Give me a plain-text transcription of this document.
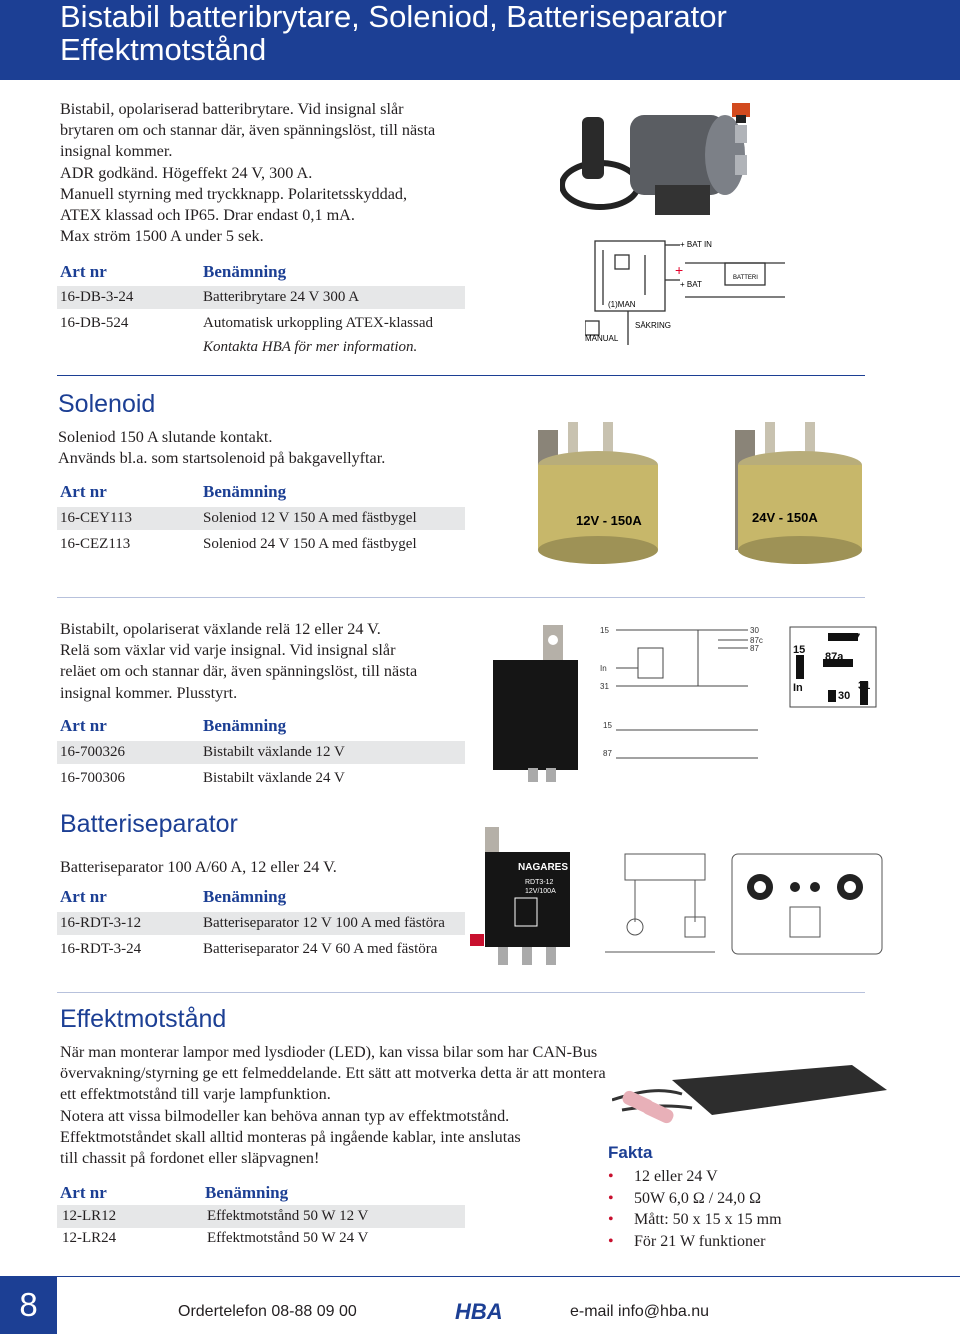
Bistabil batteribrytare, Soleniod, Batteriseparator
Effektmotstånd
Bistabil, opolariserad batteribrytare. Vid insignal slår
brytaren om och stannar där, även spänningslöst, till nästa
insignal kommer.
ADR godkänd. Högeffekt 24 V, 300 A.
Manuell styrning med tryckknapp. Polaritetsskyddad,
ATEX klassad och IP65. Drar endast 0,1 mA.
Max ström 1500 A under 5 sek.
Art nr	Benämning
16-DB-3-24	Batteribrytare 24 V 300 A
16-DB-524	Automatisk urkoppling ATEX-klassad
Kontakta HBA för mer information.
+ BAT IN
+ BAT
BATTERI
(1)MAN
MANUAL
SÄKRING
+
Solenoid
Soleniod 150 A slutande kontakt.
Används bl.a. som startsolenoid på bakgavellyftar.
Art nr	Benämning
16-CEY113	Soleniod 12 V 150 A med fästbygel
16-CEZ113	Soleniod 24 V 150 A med fästbygel
12V - 150A	24V - 150A
Bistabilt, opolariserat växlande relä 12 eller 24 V.
Relä som växlar vid varje insignal. Vid insignal slår
reläet om och stannar där, även spänningslöst, till nästa
insignal kommer. Plusstyrt.
Art nr	Benämning
16-700326	Bistabilt växlande 12 V
16-700306	Bistabilt växlande 24 V
15
In
31
30
87c
87
15
87
87
15
87a
In
30
31
Batteriseparator
Batteriseparator 100 A/60 A, 12 eller 24 V.
Art nr	Benämning
16-RDT-3-12	Batteriseparator 12 V 100 A med fästöra
16-RDT-3-24	Batteriseparator 24 V 60 A med fästöra
NAGARES
RDT3-12
12V/100A
Effektmotstånd
När man monterar lampor med lysdioder (LED), kan vissa bilar som har CAN-Bus
övervakning/styrning ge ett felmeddelande. Ett sätt att motverka detta är att montera
ett effektmotstånd till varje lampfunktion.
Notera att vissa bilmodeller kan behöva annan typ av effektmotstånd.
Effektmotståndet skall alltid monteras på ingående kablar, inte anslutas
till chassit på fordonet eller släpvagnen!
Art nr	Benämning
12-LR12	Effektmotstånd 50 W 12 V
12-LR24	Effektmotstånd 50 W 24 V
Fakta
• 12 eller 24 V
• 50W 6,0 Ω / 24,0 Ω
• Mått: 50 x 15 x 15 mm
• För 21 W funktioner
8	Ordertelefon 08-88 09 00	HBA	e-mail info@hba.nu
